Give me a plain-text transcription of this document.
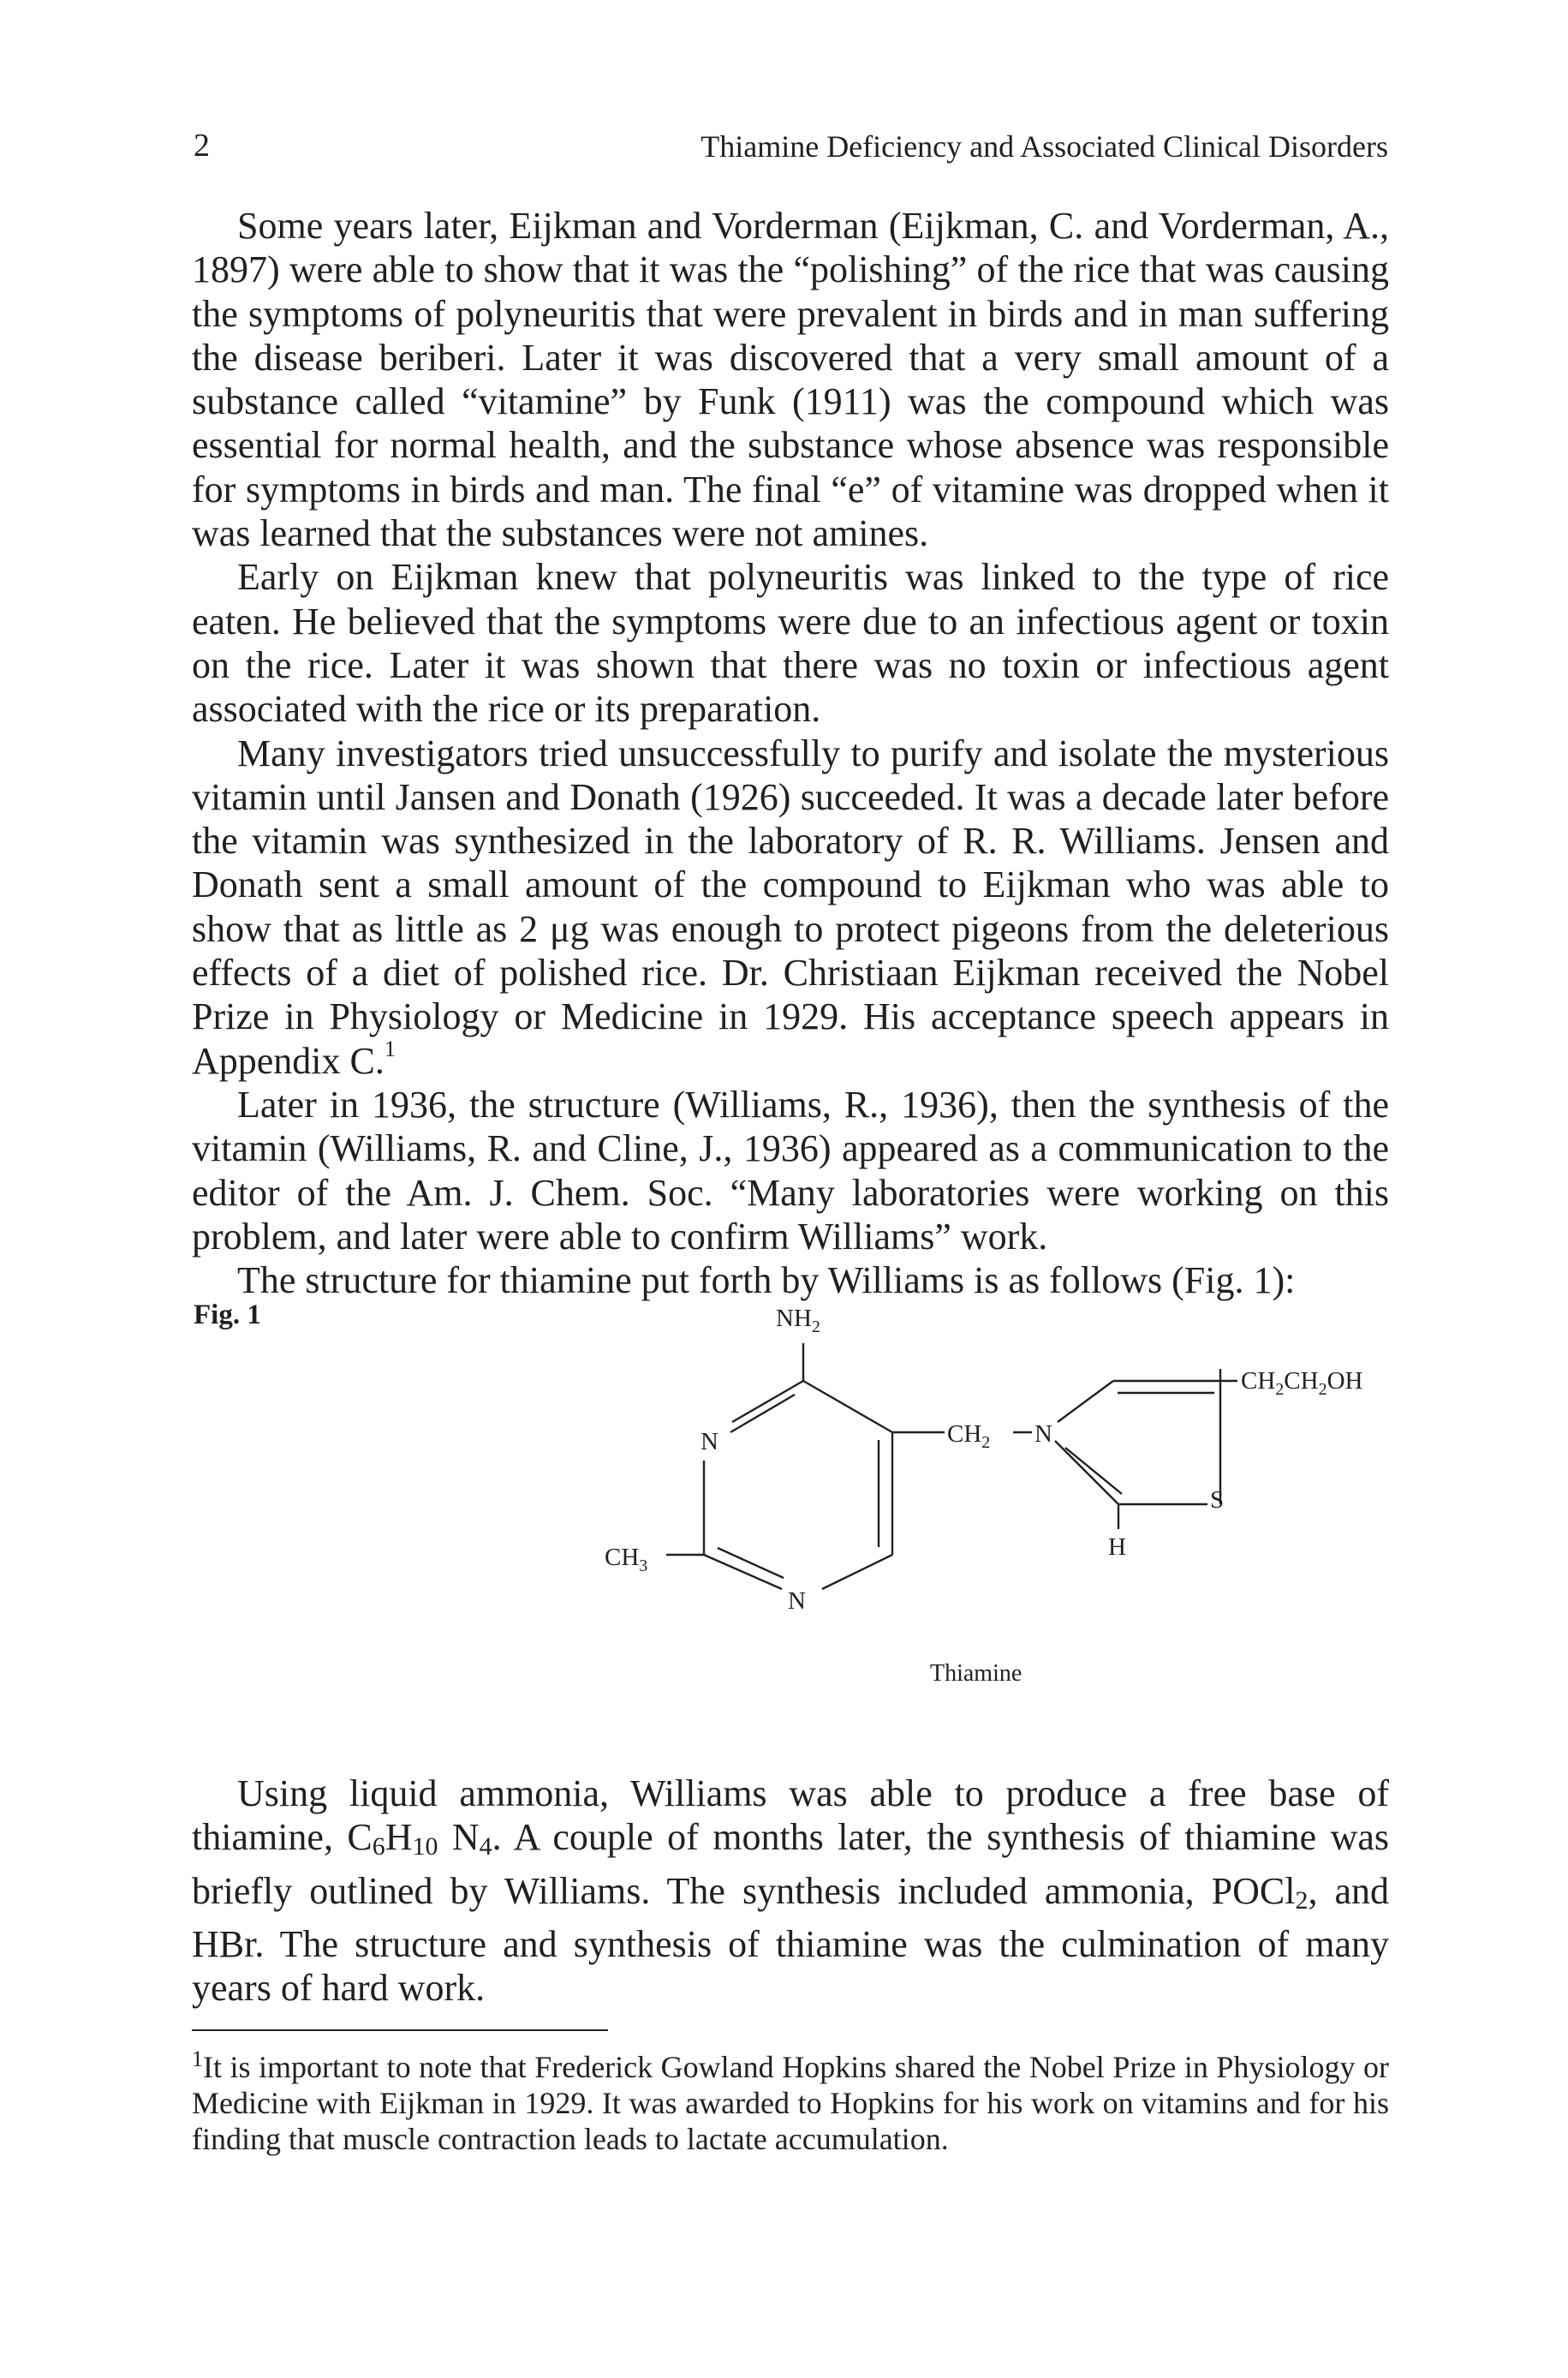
2	Thiamine Deficiency and Associated Clinical Disorders

Some years later, Eijkman and Vorderman (Eijkman, C. and Vorderman, A., 1897) were able to show that it was the “polishing” of the rice that was causing the symptoms of polyneuritis that were prevalent in birds and in man suffering the disease beriberi. Later it was discovered that a very small amount of a substance called “vitamine” by Funk (1911) was the compound which was essential for normal health, and the substance whose absence was responsible for symptoms in birds and man. The final “e” of vitamine was dropped when it was learned that the substances were not amines.

Early on Eijkman knew that polyneuritis was linked to the type of rice eaten. He believed that the symptoms were due to an infectious agent or toxin on the rice. Later it was shown that there was no toxin or infectious agent associated with the rice or its preparation.

Many investigators tried unsuccessfully to purify and isolate the mysterious vitamin until Jansen and Donath (1926) succeeded. It was a decade later before the vitamin was synthesized in the laboratory of R. R. Williams. Jensen and Donath sent a small amount of the compound to Eijkman who was able to show that as little as 2 μg was enough to protect pigeons from the deleterious effects of a diet of polished rice. Dr. Christiaan Eijkman received the Nobel Prize in Physiology or Medicine in 1929. His acceptance speech appears in Appendix C.$^1$

Later in 1936, the structure (Williams, R., 1936), then the synthesis of the vitamin (Williams, R. and Cline, J., 1936) appeared as a communication to the editor of the Am. J. Chem. Soc. “Many laboratories were working on this problem, and later were able to confirm Williams” work.

The structure for thiamine put forth by Williams is as follows (Fig. 1):

Fig. 1	$NH_2$
N
N
$CH_3$
$CH_2$ N
S
H
$CH_2CH_2OH$
Thiamine

Using liquid ammonia, Williams was able to produce a free base of thiamine, C6H10 N4. A couple of months later, the synthesis of thiamine was briefly outlined by Williams. The synthesis included ammonia, POCl2, and HBr. The structure and synthesis of thiamine was the culmination of many years of hard work.

$^1$It is important to note that Frederick Gowland Hopkins shared the Nobel Prize in Physiology or Medicine with Eijkman in 1929. It was awarded to Hopkins for his work on vitamins and for his finding that muscle contraction leads to lactate accumulation.
